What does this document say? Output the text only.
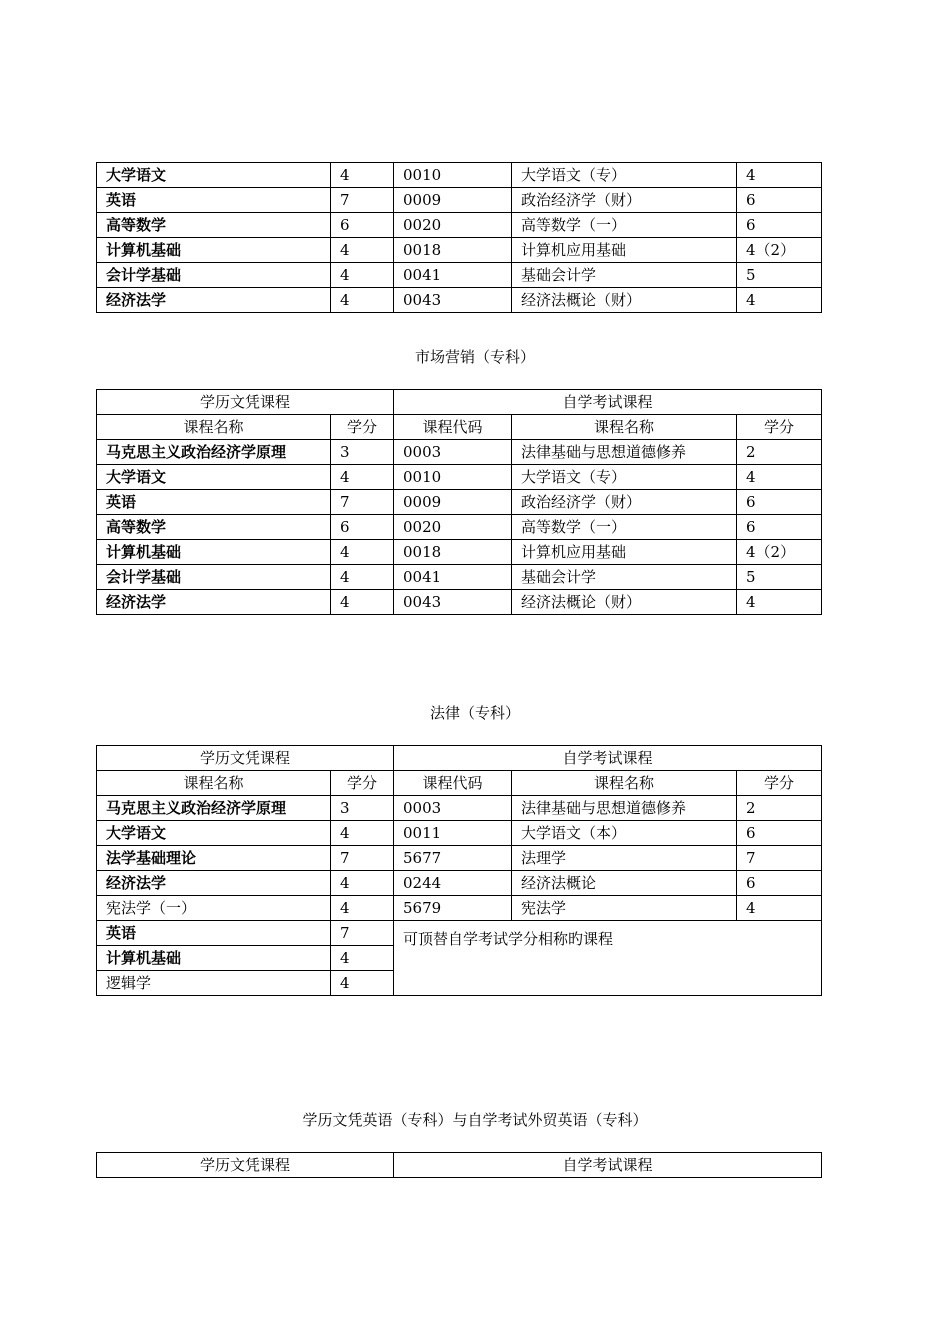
大学语文	4	0010	大学语文（专）	4
英语	7	0009	政治经济学（财）	6
高等数学	6	0020	高等数学（一）	6
计算机基础	4	0018	计算机应用基础	4（2）
会计学基础	4	0041	基础会计学	5
经济法学	4	0043	经济法概论（财）	4
市场营销（专科）
学历文凭课程		自学考试课程		
课程名称	学分	课程代码	课程名称	学分
马克思主义政治经济学原理	3	0003	法律基础与思想道德修养	2
大学语文	4	0010	大学语文（专）	4
英语	7	0009	政治经济学（财）	6
高等数学	6	0020	高等数学（一）	6
计算机基础	4	0018	计算机应用基础	4（2）
会计学基础	4	0041	基础会计学	5
经济法学	4	0043	经济法概论（财）	4
法律（专科）
学历文凭课程		自学考试课程		
课程名称	学分	课程代码	课程名称	学分
马克思主义政治经济学原理	3	0003	法律基础与思想道德修养	2
大学语文	4	0011	大学语文（本）	6
法学基础理论	7	5677	法理学	7
经济法学	4	0244	经济法概论	6
宪法学（一）	4	5679	宪法学	4
英语	7	可顶替自学考试学分相称旳课程		
计算机基础	4			
逻辑学	4			
学历文凭英语（专科）与自学考试外贸英语（专科）
学历文凭课程	自学考试课程
